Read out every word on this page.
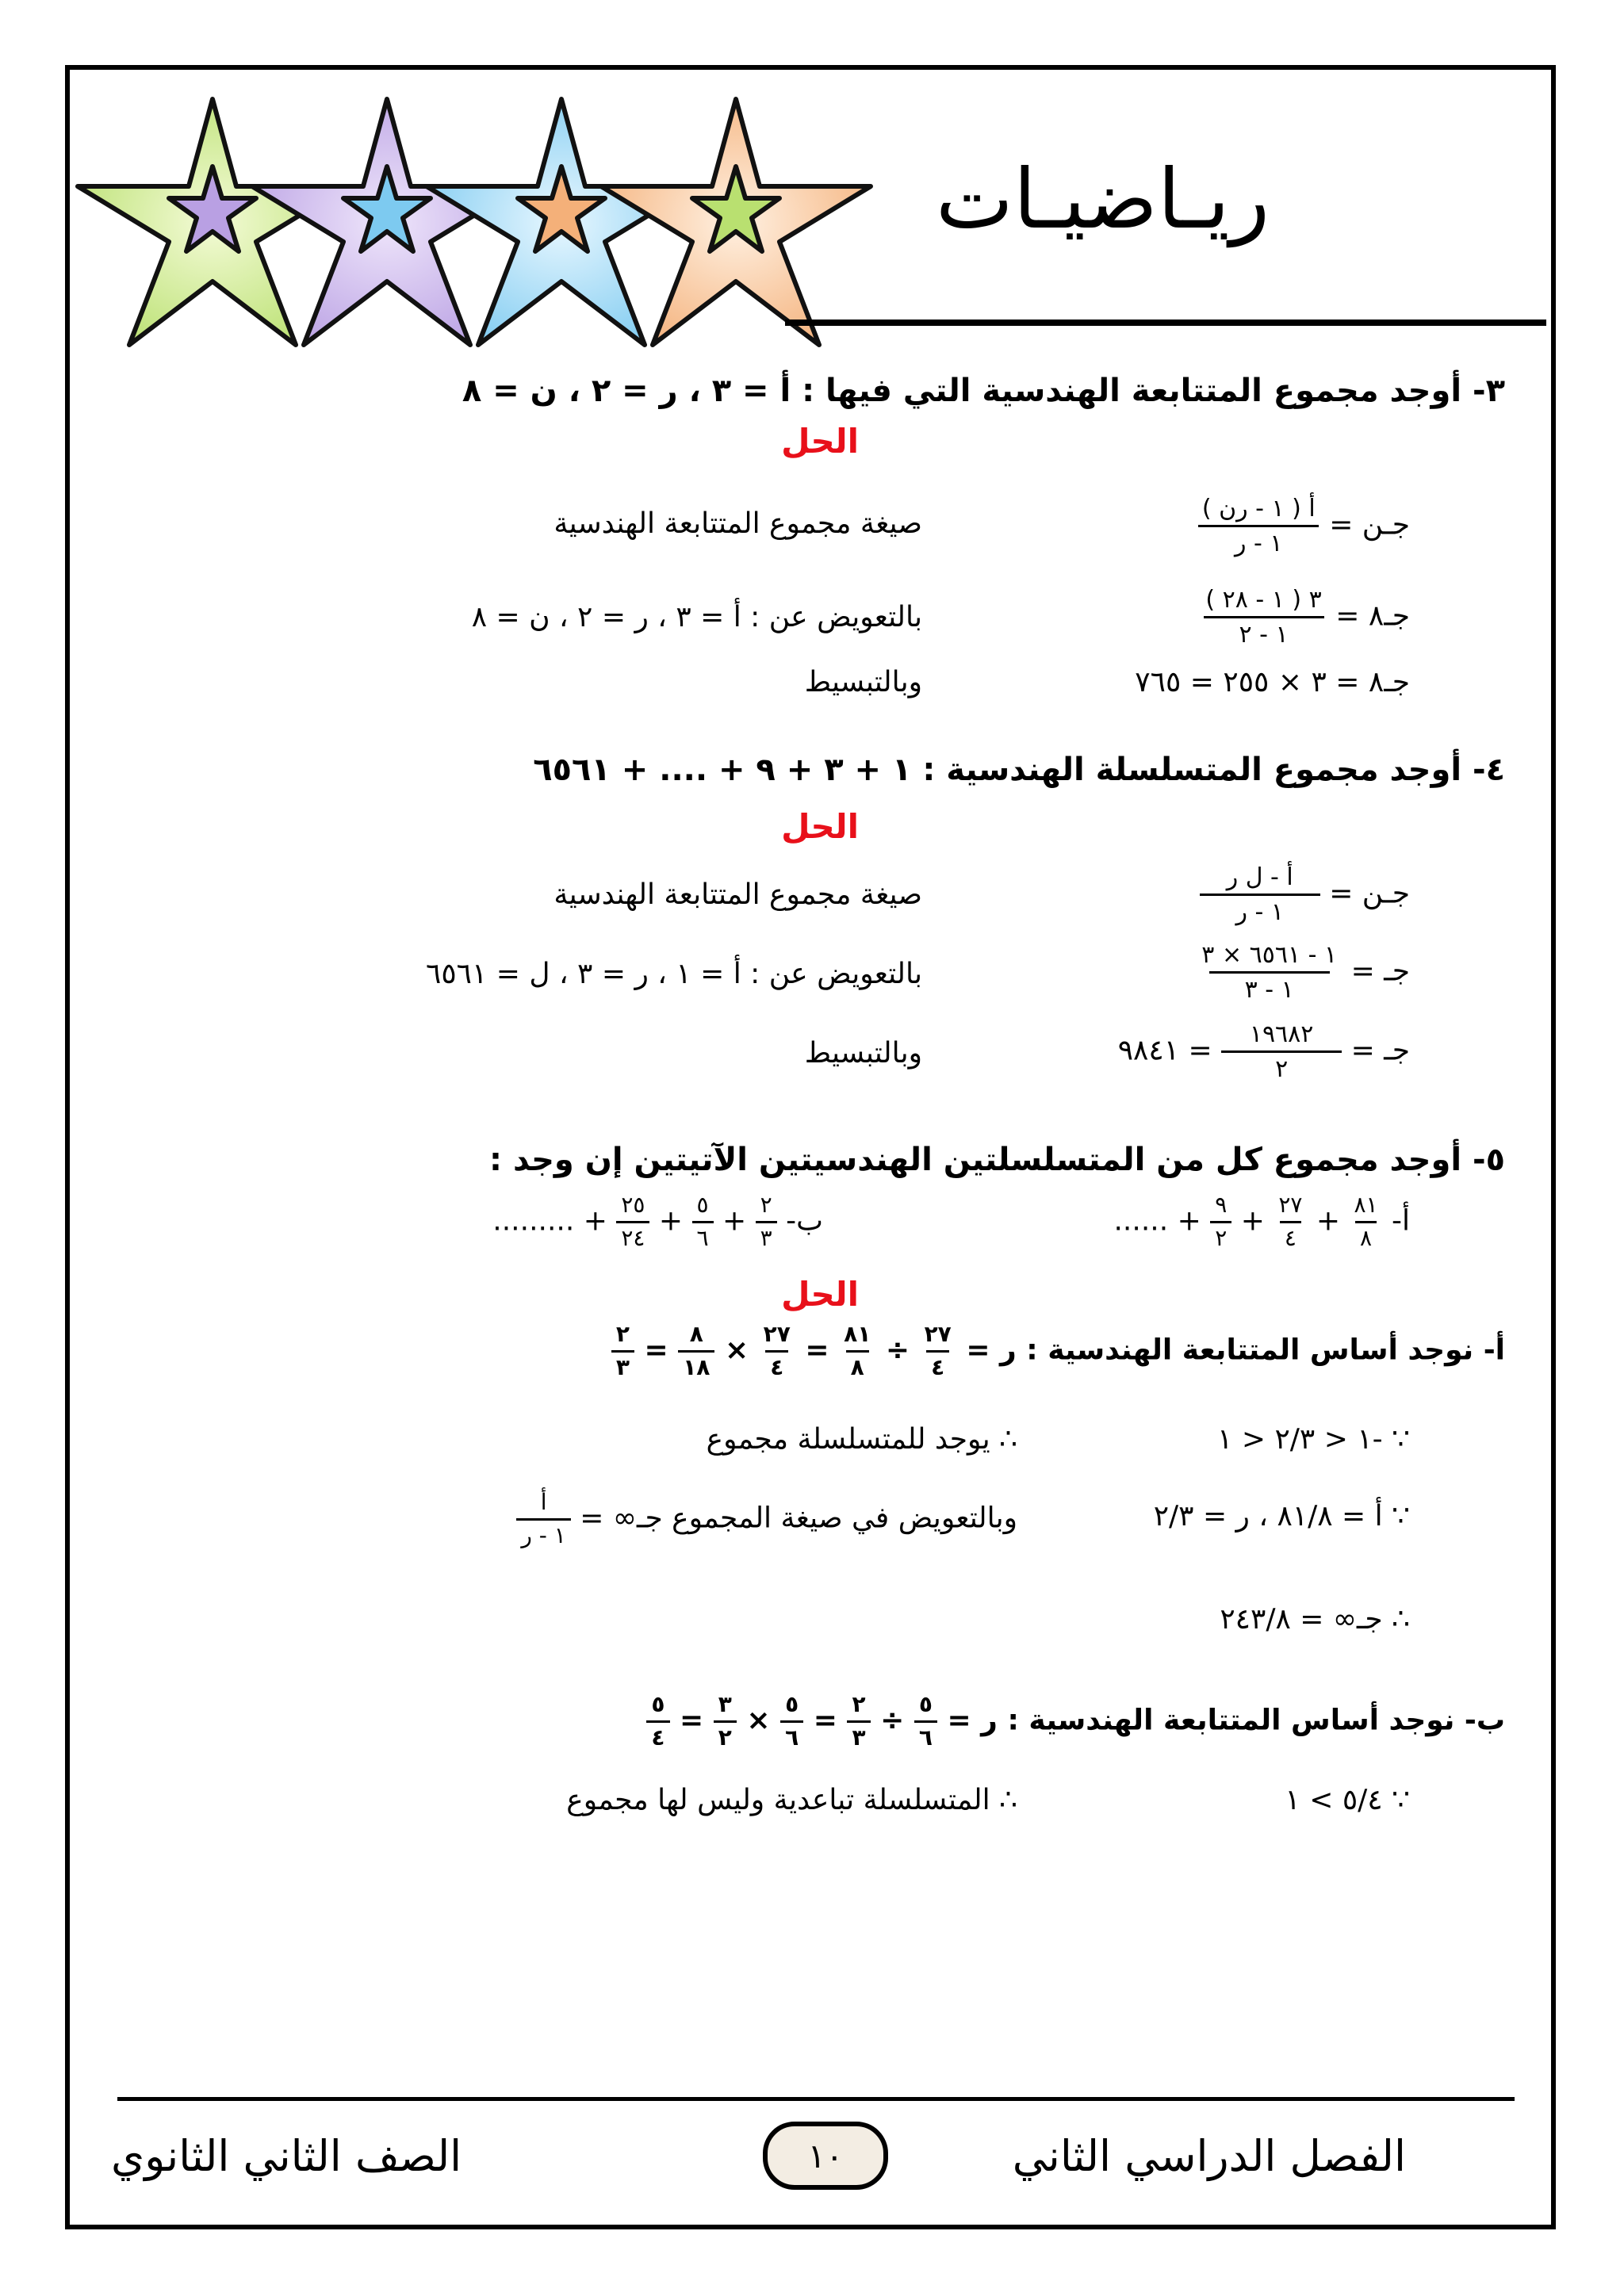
ريـاضيـات
٣- أوجد مجموع المتتابعة الهندسية التي فيها : أ = ٣ ، ر = ٢ ، ن = ٨
الحل
جـن =
$\frac{\text{أ ( ١ - رن )}}{\text{١ - ر}}$
صيغة مجموع المتتابعة الهندسية
جـ٨ =
$\frac{٣ ( ١ - ٢٨ )}{١ - ٢}$
بالتعويض عن : أ = ٣ ، ر = ٢ ، ن = ٨
جـ٨ = ٣ × ٢٥٥ = ٧٦٥
وبالتبسيط
٤- أوجد مجموع المتسلسلة الهندسية : ١ + ٣ + ٩ + .... + ٦٥٦١
الحل
جـن =
$\frac{\text{أ - ل ر}}{\text{١ - ر}}$
صيغة مجموع المتتابعة الهندسية
جـ =
$\frac{١ - ٦٥٦١ \times ٣}{١ - ٣}$
بالتعويض عن : أ = ١ ، ر = ٣ ، ل = ٦٥٦١
جـ =
$\frac{١٩٦٨٢}{٢}$
= ٩٨٤١
وبالتبسيط
٥- أوجد مجموع كل من المتسلسلتين الهندسيتين الآتيتين إن وجد :
أ-
$\frac{٨١}{٨}$
+
$\frac{٢٧}{٤}$
+
$\frac{٩}{٢}$
+ ......
ب-
$\frac{٢}{٣}$
+
$\frac{٥}{٦}$
+
$\frac{٢٥}{٢٤}$
+ .........
الحل
أ- نوجد أساس المتتابعة الهندسية : ر =
$\frac{٢٧}{٤}$
÷
$\frac{٨١}{٨}$
=
$\frac{٢٧}{٤}$
×
$\frac{٨}{١٨}$
=
$\frac{٢}{٣}$
∵ -١ < ٢/٣ < ١
∴ يوجد للمتسلسلة مجموع
∵ أ = ٨١/٨ ، ر = ٢/٣
وبالتعويض في صيغة المجموع جـ∞ =
$\frac{\text{أ}}{\text{١ - ر}}$
∴ جـ∞ = ٢٤٣/٨
ب- نوجد أساس المتتابعة الهندسية : ر =
$\frac{٥}{٦}$
÷
$\frac{٢}{٣}$
=
$\frac{٥}{٦}$
×
$\frac{٣}{٢}$
=
$\frac{٥}{٤}$
∵ ٥/٤ > ١
∴ المتسلسلة تباعدية وليس لها مجموع
الصف الثاني الثانوي	١٠	الفصل الدراسي الثاني
